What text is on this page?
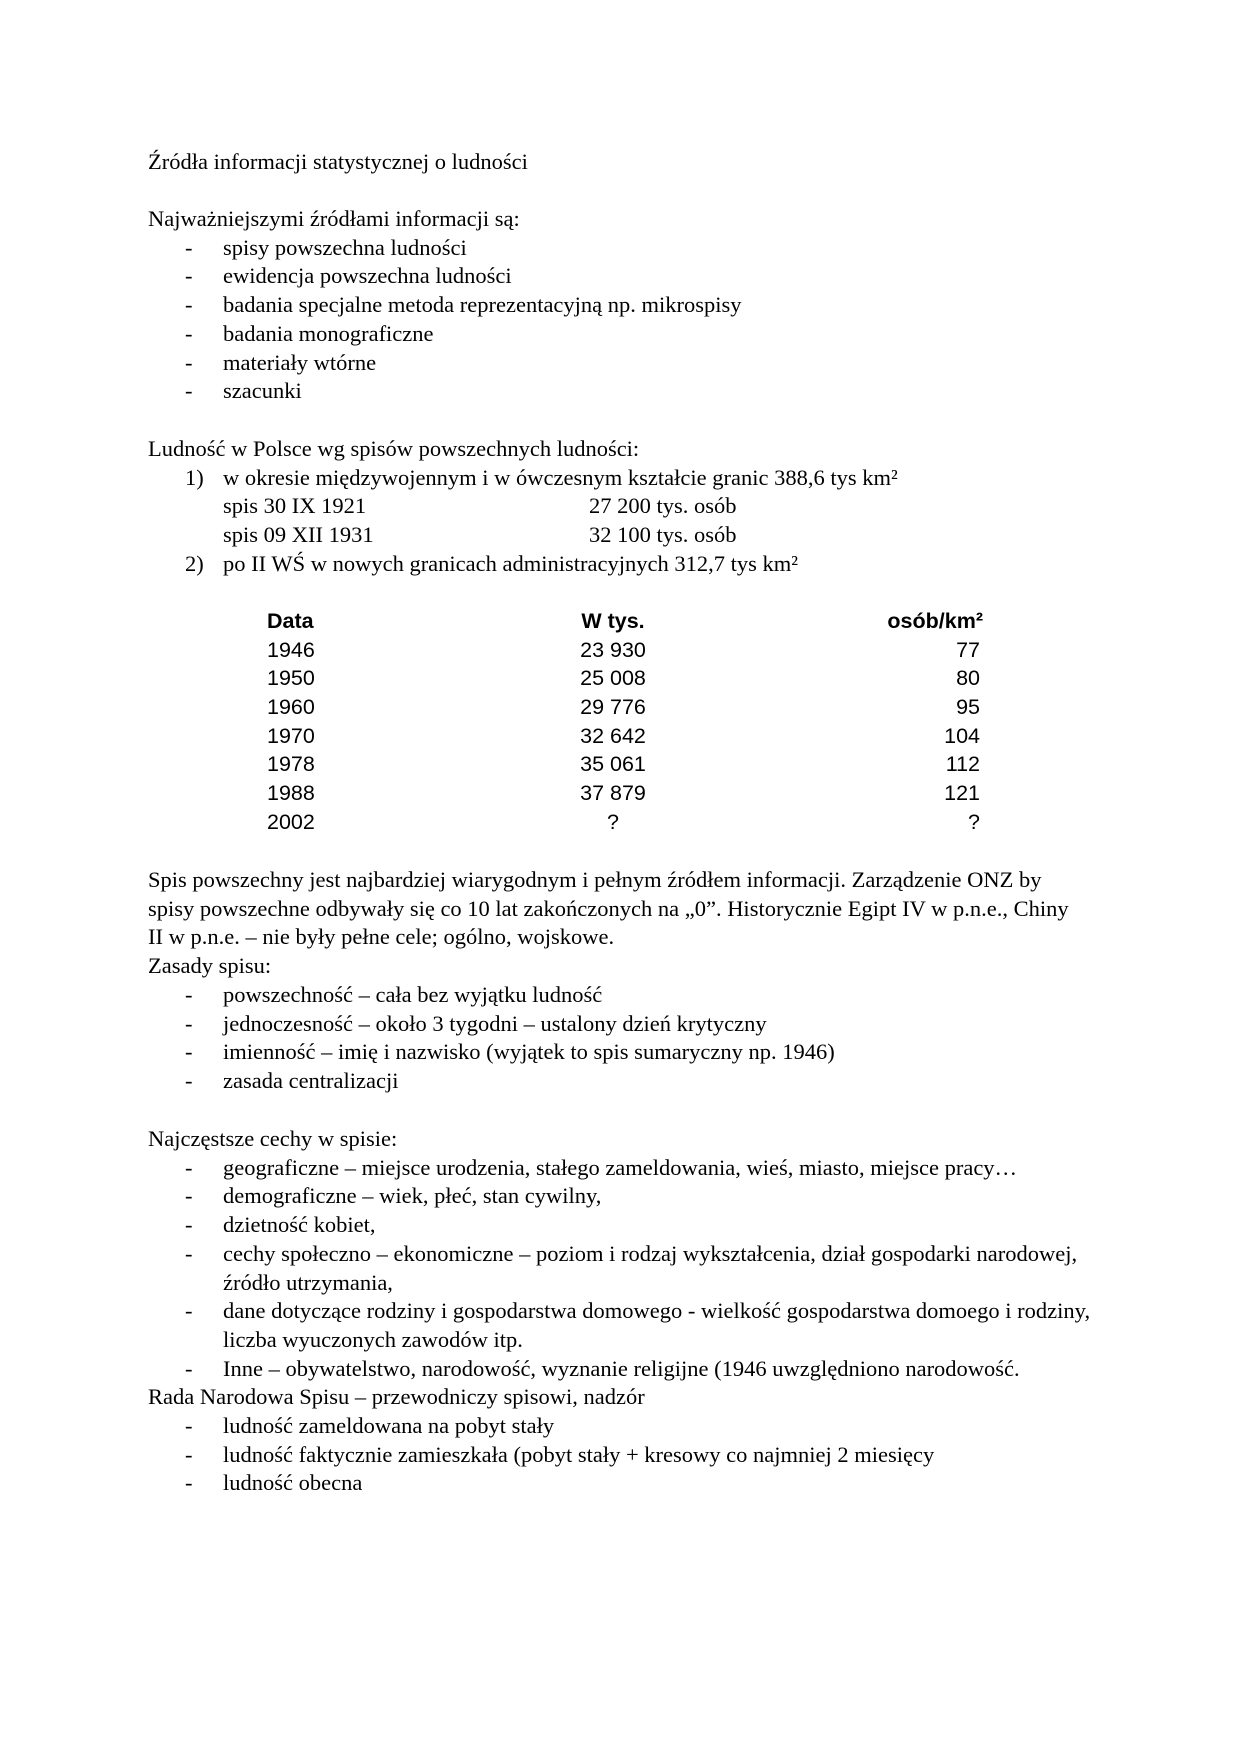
Źródła informacji statystycznej o ludności

Najważniejszymi źródłami informacji są:

- spisy powszechna ludności
- ewidencja powszechna ludności
- badania specjalne metoda reprezentacyjną np. mikrospisy
- badania monograficzne
- materiały wtórne
- szacunki

Ludność w Polsce wg spisów powszechnych ludności:

1) w okresie międzywojennym i w ówczesnym kształcie granic 388,6 tys km²
spis 30 IX 1921	27 200 tys. osób
spis 09 XII 1931	32 100 tys. osób
2) po II WŚ w nowych granicach administracyjnych 312,7 tys km²
Data	W tys.	osób/km²
1946	23 930	77
1950	25 008	80
1960	29 776	95
1970	32 642	104
1978	35 061	112
1988	37 879	121
2002	?	?

Spis powszechny jest najbardziej wiarygodnym i pełnym źródłem informacji. Zarządzenie ONZ by spisy powszechne odbywały się co 10 lat zakończonych na „0”. Historycznie Egipt IV w p.n.e., Chiny II w p.n.e. – nie były pełne cele; ogólno, wojskowe.

Zasady spisu:

- powszechność – cała bez wyjątku ludność
- jednoczesność – około 3 tygodni – ustalony dzień krytyczny
- imienność – imię i nazwisko (wyjątek to spis sumaryczny np. 1946)
- zasada centralizacji

Najczęstsze cechy w spisie:

- geograficzne – miejsce urodzenia, stałego zameldowania, wieś, miasto, miejsce pracy…
- demograficzne – wiek, płeć, stan cywilny,
- dzietność kobiet,
- cechy społeczno – ekonomiczne – poziom i rodzaj wykształcenia, dział gospodarki narodowej, źródło utrzymania,
- dane dotyczące rodziny i gospodarstwa domowego - wielkość gospodarstwa domoego i rodziny, liczba wyuczonych zawodów itp.
- Inne – obywatelstwo, narodowość, wyznanie religijne (1946 uwzględniono narodowość.

Rada Narodowa Spisu – przewodniczy spisowi, nadzór

- ludność zameldowana na pobyt stały
- ludność faktycznie zamieszkała (pobyt stały + kresowy co najmniej 2 miesięcy
- ludność obecna
